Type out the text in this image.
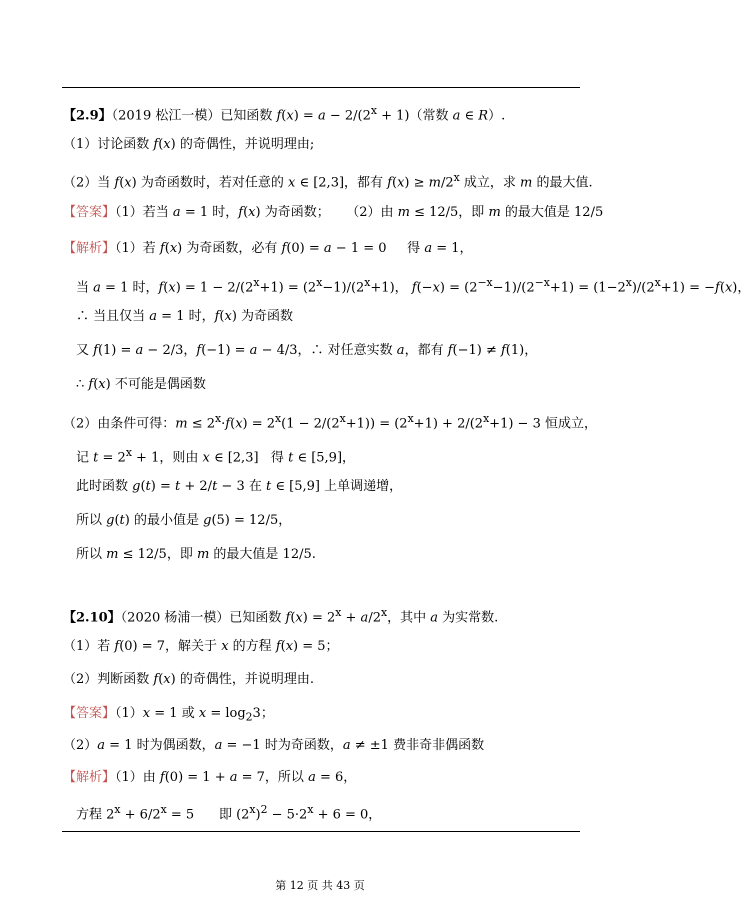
【2.9】（2019 松江一模）已知函数 $f(x) = a - 2/(2^x + 1)$（常数 a ∈ R）.
（1）讨论函数 f(x) 的奇偶性，并说明理由;
（2）当 f(x) 为奇函数时，若对任意的 x ∈ [2,3]，都有 $f(x) \ge m/2^x$ 成立，求 m 的最大值.
【答案】（1）若当 a = 1 时，f(x) 为奇函数；    （2）由 m ≤ 12/5，即 m 的最大值是 12/5
【解析】（1）若 f(x) 为奇函数，必有 f(0) = a − 1 = 0     得 a = 1，
当 a = 1 时，$f(x) = 1 - 2/(2^x+1) = (2^x-1)/(2^x+1)$， $f(-x) = (2^{-x}-1)/(2^{-x}+1) = (1-2^x)/(2^x+1) = -f(x)$，
∴ 当且仅当 a = 1 时，f(x) 为奇函数
又 f(1) = a − 2/3，f(−1) = a − 4/3，∴ 对任意实数 a，都有 f(−1) ≠ f(1)，
∴ f(x) 不可能是偶函数
（2）由条件可得：$m \le 2^x\cdot f(x) = 2^x(1 - 2/(2^x+1)) = (2^x+1) + 2/(2^x+1) - 3$ 恒成立，
记 $t = 2^x + 1$，则由 x ∈ [2,3]   得 t ∈ [5,9]，
此时函数 g(t) = t + 2/t − 3 在 t ∈ [5,9] 上单调递增，
所以 g(t) 的最小值是 g(5) = 12/5，
所以 m ≤ 12/5，即 m 的最大值是 12/5.
【2.10】（2020 杨浦一模）已知函数 $f(x) = 2^x + a/2^x$，其中 a 为实常数.
（1）若 f(0) = 7，解关于 x 的方程 f(x) = 5；
（2）判断函数 f(x) 的奇偶性，并说明理由.
【答案】（1）x = 1 或 $x = \log_23$；
（2）a = 1 时为偶函数，a = −1 时为奇函数，a ≠ ±1 费非奇非偶函数
【解析】（1）由 f(0) = 1 + a = 7，所以 a = 6，
方程 $2^x + 6/2^x = 5$      即 $(2^x)^2 - 5\cdot 2^x + 6 = 0$，
第 12 页 共 43 页
